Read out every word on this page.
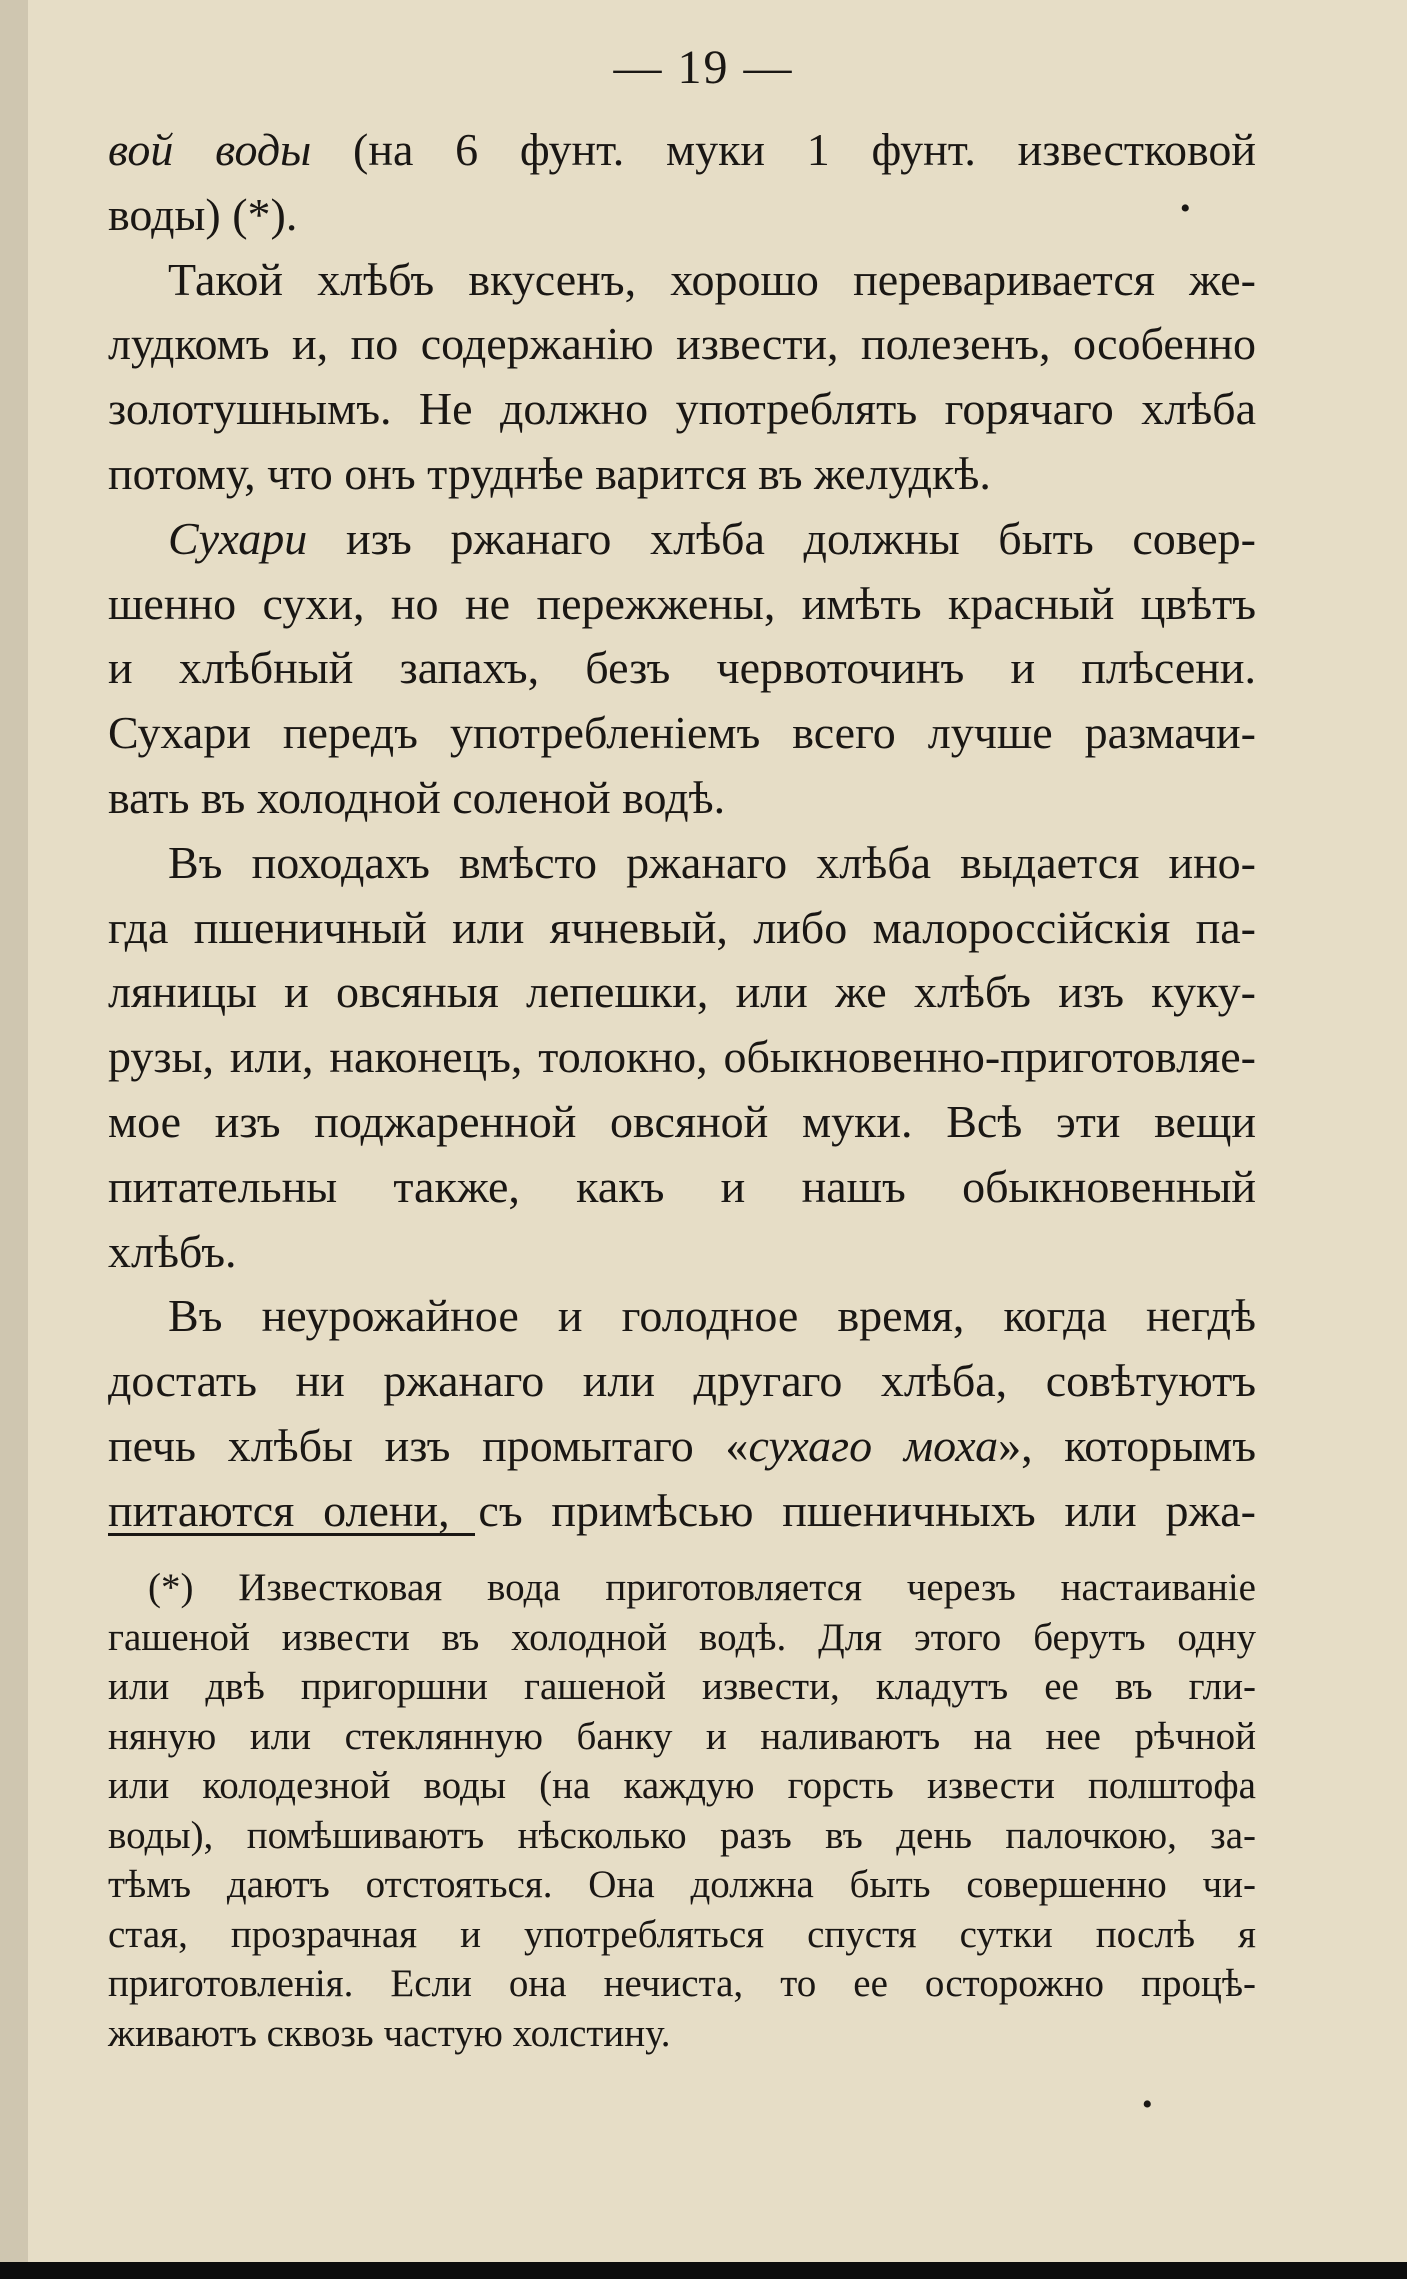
— 19 —
вой воды (на 6 фунт. муки 1 фунт. известковой
воды) (*).
Такой хлѣбъ вкусенъ, хорошо переваривается же-
лудкомъ и, по содержанію извести, полезенъ, особенно
золотушнымъ. Не должно употреблять горячаго хлѣба
потому, что онъ труднѣе варится въ желудкѣ.
Сухари изъ ржанаго хлѣба должны быть совер-
шенно сухи, но не пережжены, имѣть красный цвѣтъ
и хлѣбный запахъ, безъ червоточинъ и плѣсени.
Сухари передъ употребленіемъ всего лучше размачи-
вать въ холодной соленой водѣ.
Въ походахъ вмѣсто ржанаго хлѣба выдается ино-
гда пшеничный или ячневый, либо малороссійскія па-
ляницы и овсяныя лепешки, или же хлѣбъ изъ куку-
рузы, или, наконецъ, толокно, обыкновенно-приготовляе-
мое изъ поджаренной овсяной муки. Всѣ эти вещи
питательны также, какъ и нашъ обыкновенный
хлѣбъ.
Въ неурожайное и голодное время, когда негдѣ
достать ни ржанаго или другаго хлѣба, совѣтуютъ
печь хлѣбы изъ промытаго «сухаго моха», которымъ
питаются олени, съ примѣсью пшеничныхъ или ржа-
(*) Известковая вода приготовляется черезъ настаиваніе
гашеной извести въ холодной водѣ. Для этого берутъ одну
или двѣ пригоршни гашеной извести, кладутъ ее въ гли-
няную или стеклянную банку и наливаютъ на нее рѣчной
или колодезной воды (на каждую горсть извести полштофа
воды), помѣшиваютъ нѣсколько разъ въ день палочкою, за-
тѣмъ даютъ отстояться. Она должна быть совершенно чи-
стая, прозрачная и употребляться спустя сутки послѣ я
приготовленія. Если она нечиста, то ее осторожно процѣ-
живаютъ сквозь частую холстину.
•
•
